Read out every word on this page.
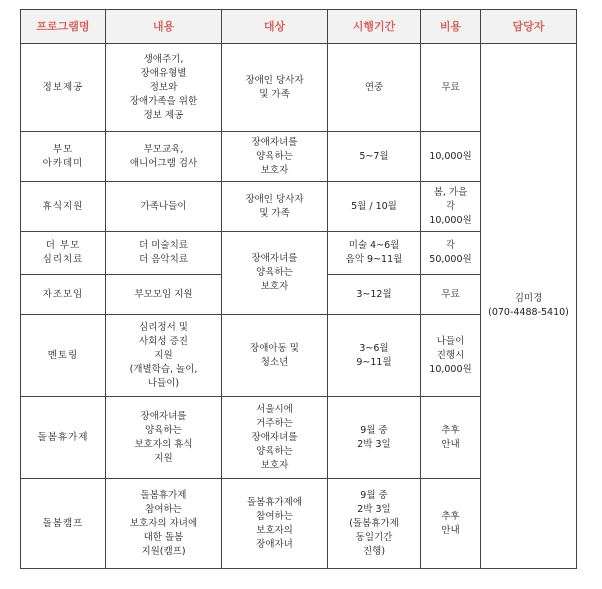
프로그램명	내용	대상	시행기간	비용	담당자

정보제공	생애주기,
장애유형별
정보와
장애가족을 위한
정보 제공	장애인 당사자
및 가족	연중	무료	김미경
(070-4488-5410)

부모
아카데미	부모교육,
애니어그램 검사	장애자녀를
양육하는
보호자	5~7월	10,000원	

휴식지원	가족나들이	장애인 당사자
및 가족	5월 / 10월	봄, 가을
각
10,000원	

더 부모
심리치료	더 미술치료
더 음악치료	장애자녀를
양육하는
보호자	미술 4~6월
음악 9~11월	각
50,000원	

자조모임	부모모임 지원		3~12월	무료	

멘토링	심리정서 및
사회성 증진
지원
(개별학습, 놀이,
나들이)	장애아동 및
청소년	3~6월
9~11월	나들이
진행시
10,000원	

돌봄휴가제	장애자녀를
양육하는
보호자의 휴식
지원	서울시에
거주하는
장애자녀를
양육하는
보호자	9월 중
2박 3일	추후
안내	

돌봄캠프	돌봄휴가제
참여하는
보호자의 자녀에
대한 돌봄
지원(캠프)	돌봄휴가제에
참여하는
보호자의
장애자녀	9월 중
2박 3일
(돌봄휴가제
동일기간
진행)	추후
안내	
